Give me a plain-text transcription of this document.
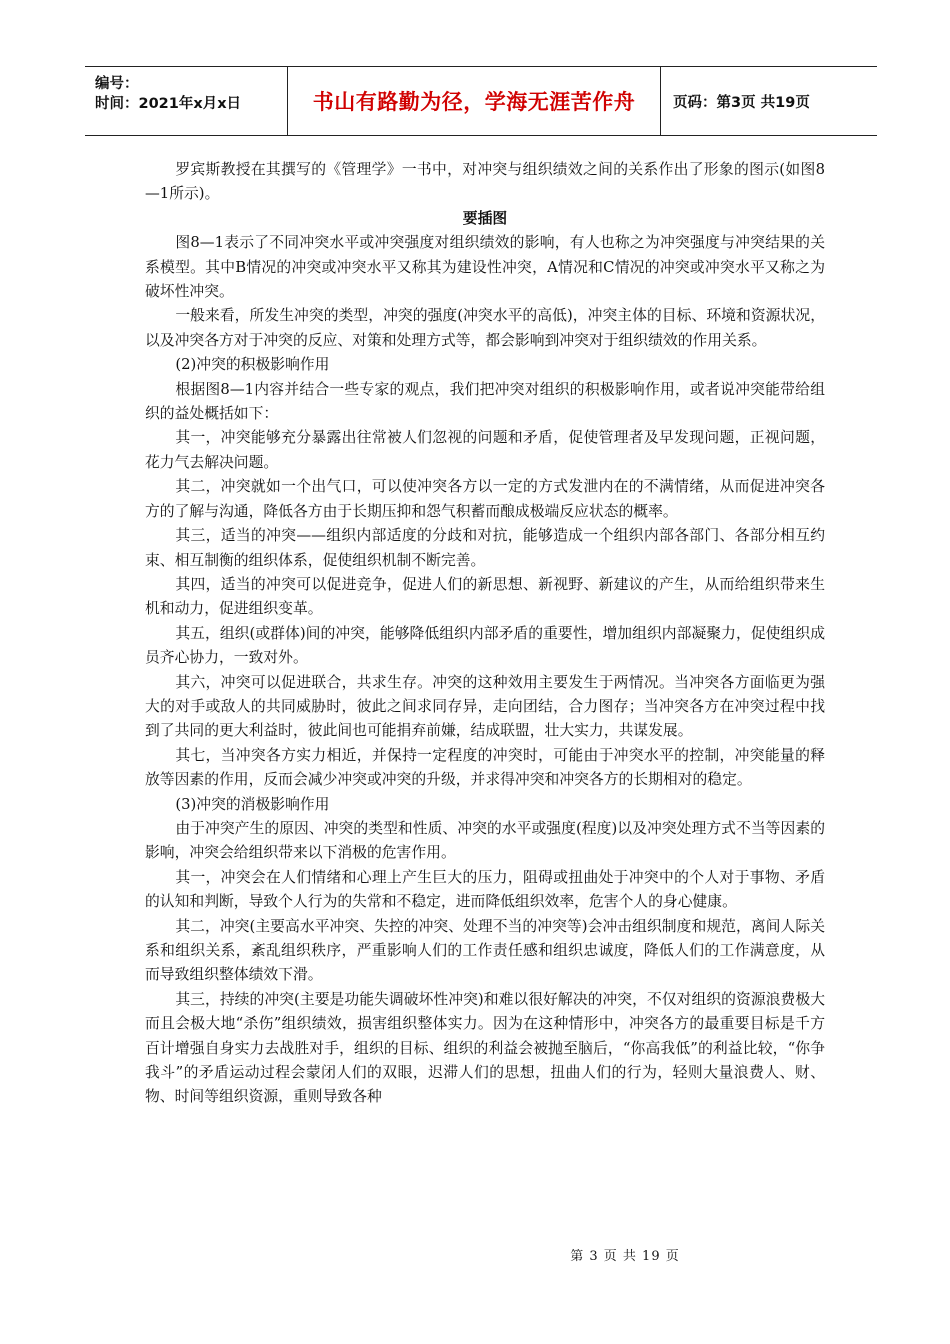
编号：
时间：2021年x月x日	书山有路勤为径，学海无涯苦作舟	页码：第3页 共19页

罗宾斯教授在其撰写的《管理学》一书中，对冲突与组织绩效之间的关系作出了形象的图示(如图8—1所示)。

要插图

图8—1表示了不同冲突水平或冲突强度对组织绩效的影响，有人也称之为冲突强度与冲突结果的关系模型。其中B情况的冲突或冲突水平又称其为建设性冲突，A情况和C情况的冲突或冲突水平又称之为破坏性冲突。

一般来看，所发生冲突的类型，冲突的强度(冲突水平的高低)，冲突主体的目标、环境和资源状况，以及冲突各方对于冲突的反应、对策和处理方式等，都会影响到冲突对于组织绩效的作用关系。

(2)冲突的积极影响作用

根据图8—1内容并结合一些专家的观点，我们把冲突对组织的积极影响作用，或者说冲突能带给组织的益处概括如下：

其一，冲突能够充分暴露出往常被人们忽视的问题和矛盾，促使管理者及早发现问题，正视问题，花力气去解决问题。

其二，冲突就如一个出气口，可以使冲突各方以一定的方式发泄内在的不满情绪，从而促进冲突各方的了解与沟通，降低各方由于长期压抑和怨气积蓄而酿成极端反应状态的概率。

其三，适当的冲突——组织内部适度的分歧和对抗，能够造成一个组织内部各部门、各部分相互约束、相互制衡的组织体系，促使组织机制不断完善。

其四，适当的冲突可以促进竞争，促进人们的新思想、新视野、新建议的产生，从而给组织带来生机和动力，促进组织变革。

其五，组织(或群体)间的冲突，能够降低组织内部矛盾的重要性，增加组织内部凝聚力，促使组织成员齐心协力，一致对外。

其六，冲突可以促进联合，共求生存。冲突的这种效用主要发生于两情况。当冲突各方面临更为强大的对手或敌人的共同威胁时，彼此之间求同存异，走向团结，合力图存；当冲突各方在冲突过程中找到了共同的更大利益时，彼此间也可能捐弃前嫌，结成联盟，壮大实力，共谋发展。

其七，当冲突各方实力相近，并保持一定程度的冲突时，可能由于冲突水平的控制，冲突能量的释放等因素的作用，反而会减少冲突或冲突的升级，并求得冲突和冲突各方的长期相对的稳定。

(3)冲突的消极影响作用

由于冲突产生的原因、冲突的类型和性质、冲突的水平或强度(程度)以及冲突处理方式不当等因素的影响，冲突会给组织带来以下消极的危害作用。

其一，冲突会在人们情绪和心理上产生巨大的压力，阻碍或扭曲处于冲突中的个人对于事物、矛盾的认知和判断，导致个人行为的失常和不稳定，进而降低组织效率，危害个人的身心健康。

其二，冲突(主要高水平冲突、失控的冲突、处理不当的冲突等)会冲击组织制度和规范，离间人际关系和组织关系，紊乱组织秩序，严重影响人们的工作责任感和组织忠诚度，降低人们的工作满意度，从而导致组织整体绩效下滑。

其三，持续的冲突(主要是功能失调破坏性冲突)和难以很好解决的冲突，不仅对组织的资源浪费极大而且会极大地“杀伤”组织绩效，损害组织整体实力。因为在这种情形中，冲突各方的最重要目标是千方百计增强自身实力去战胜对手，组织的目标、组织的利益会被抛至脑后，“你高我低”的利益比较，“你争我斗”的矛盾运动过程会蒙闭人们的双眼，迟滞人们的思想，扭曲人们的行为，轻则大量浪费人、财、物、时间等组织资源，重则导致各种

第 3 页 共 19 页
